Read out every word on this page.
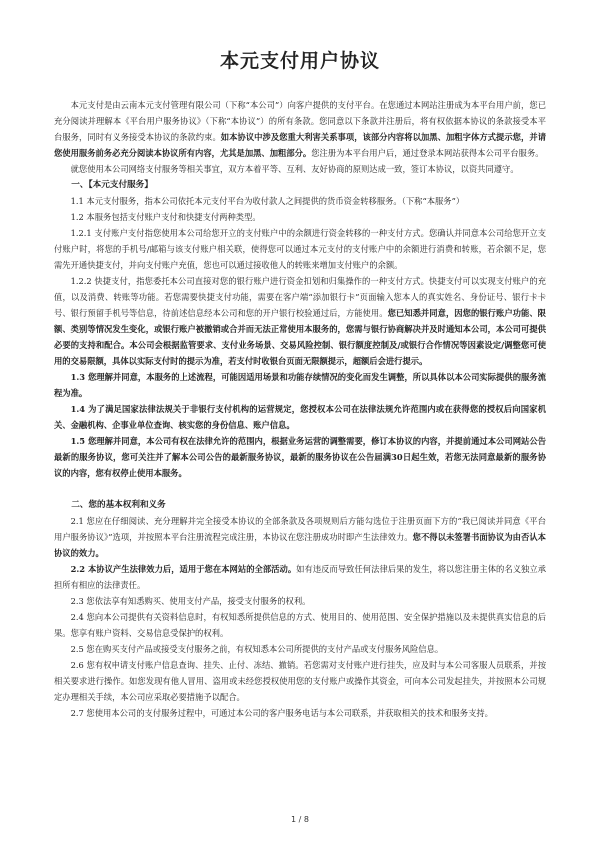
本元支付用户协议

本元支付是由云南本元支付管理有限公司（下称“本公司”）向客户提供的支付平台。在您通过本网站注册成为本平台用户前，您已充分阅读并理解本《平台用户服务协议》（下称“本协议”）的所有条款。您同意以下条款并注册后，将有权依据本协议的条款接受本平台服务，同时有义务接受本协议的条款约束。如本协议中涉及您重大利害关系事项，该部分内容将以加黑、加粗字体方式提示您，并请您使用服务前务必充分阅读本协议所有内容，尤其是加黑、加粗部分。您注册为本平台用户后，通过登录本网站获得本公司平台服务。

就您使用本公司网络支付服务等相关事宜，双方本着平等、互利、友好协商的原则达成一致，签订本协议，以资共同遵守。

一、【本元支付服务】

1.1 本元支付服务，指本公司依托本元支付平台为收付款人之间提供的货币资金转移服务。（下称“本服务”）

1.2 本服务包括支付账户支付和快捷支付两种类型。

1.2.1 支付账户支付指您使用本公司给您开立的支付账户中的余额进行资金转移的一种支付方式。您确认并同意本公司给您开立支付账户时，将您的手机号/邮箱与该支付账户相关联，使得您可以通过本元支付的支付账户中的余额进行消费和转账，若余额不足，您需先开通快捷支付，并向支付账户充值，您也可以通过接收他人的转账来增加支付账户的余额。

1.2.2 快捷支付，指您委托本公司直接对您的银行账户进行资金扣划和归集操作的一种支付方式。快捷支付可以实现支付账户的充值，以及消费、转账等功能。若您需要快捷支付功能，需要在客户端“添加银行卡”页面输入您本人的真实姓名、身份证号、银行卡卡号、银行预留手机号等信息，待前述信息经本公司和您的开户银行校验通过后，方能使用。您已知悉并同意，因您的银行账户功能、限额、类别等情况发生变化，或银行账户被撤销或合并而无法正常使用本服务的，您需与银行协商解决并及时通知本公司，本公司可提供必要的支持和配合。本公司会根据监管要求、支付业务场景、交易风险控制、银行额度控制及/或银行合作情况等因素设定/调整您可使用的交易限额，具体以实际支付时的提示为准，若支付时收银台页面无限额提示，超额后会进行提示。

1.3 您理解并同意，本服务的上述流程，可能因适用场景和功能存续情况的变化而发生调整，所以具体以本公司实际提供的服务流程为准。

1.4 为了满足国家法律法规关于非银行支付机构的运营规定，您授权本公司在法律法规允许范围内或在获得您的授权后向国家机关、金融机构、企事业单位查询、核实您的身份信息、账户信息。

1.5 您理解并同意，本公司有权在法律允许的范围内，根据业务运营的调整需要，修订本协议的内容，并提前通过本公司网站公告最新的服务协议，您可关注并了解本公司公告的最新服务协议，最新的服务协议在公告届满30日起生效，若您无法同意最新的服务协议的内容，您有权停止使用本服务。

二、您的基本权利和义务

2.1 您应在仔细阅读、充分理解并完全接受本协议的全部条款及各项规则后方能勾选位于注册页面下方的“我已阅读并同意《平台用户服务协议》”选项，并按照本平台注册流程完成注册，本协议在您注册成功时即产生法律效力。您不得以未签署书面协议为由否认本协议的效力。

2.2 本协议产生法律效力后，适用于您在本网站的全部活动。如有违反而导致任何法律后果的发生，将以您注册主体的名义独立承担所有相应的法律责任。

2.3 您依法享有知悉购买、使用支付产品，接受支付服务的权利。

2.4 您向本公司提供有关资料信息时，有权知悉所提供信息的方式、使用目的、使用范围、安全保护措施以及未提供真实信息的后果。您享有账户资料、交易信息受保护的权利。

2.5 您在购买支付产品或接受支付服务之前，有权知悉本公司所提供的支付产品或支付服务风险信息。

2.6 您有权申请支付账户信息查询、挂失、止付、冻结、撤销。若您需对支付账户进行挂失，应及时与本公司客服人员联系，并按相关要求进行操作。如您发现有他人冒用、盗用或未经您授权使用您的支付账户或操作其资金，可向本公司发起挂失，并按照本公司规定办理相关手续，本公司应采取必要措施予以配合。

2.7 您使用本公司的支付服务过程中，可通过本公司的客户服务电话与本公司联系，并获取相关的技术和服务支持。

1 / 8
